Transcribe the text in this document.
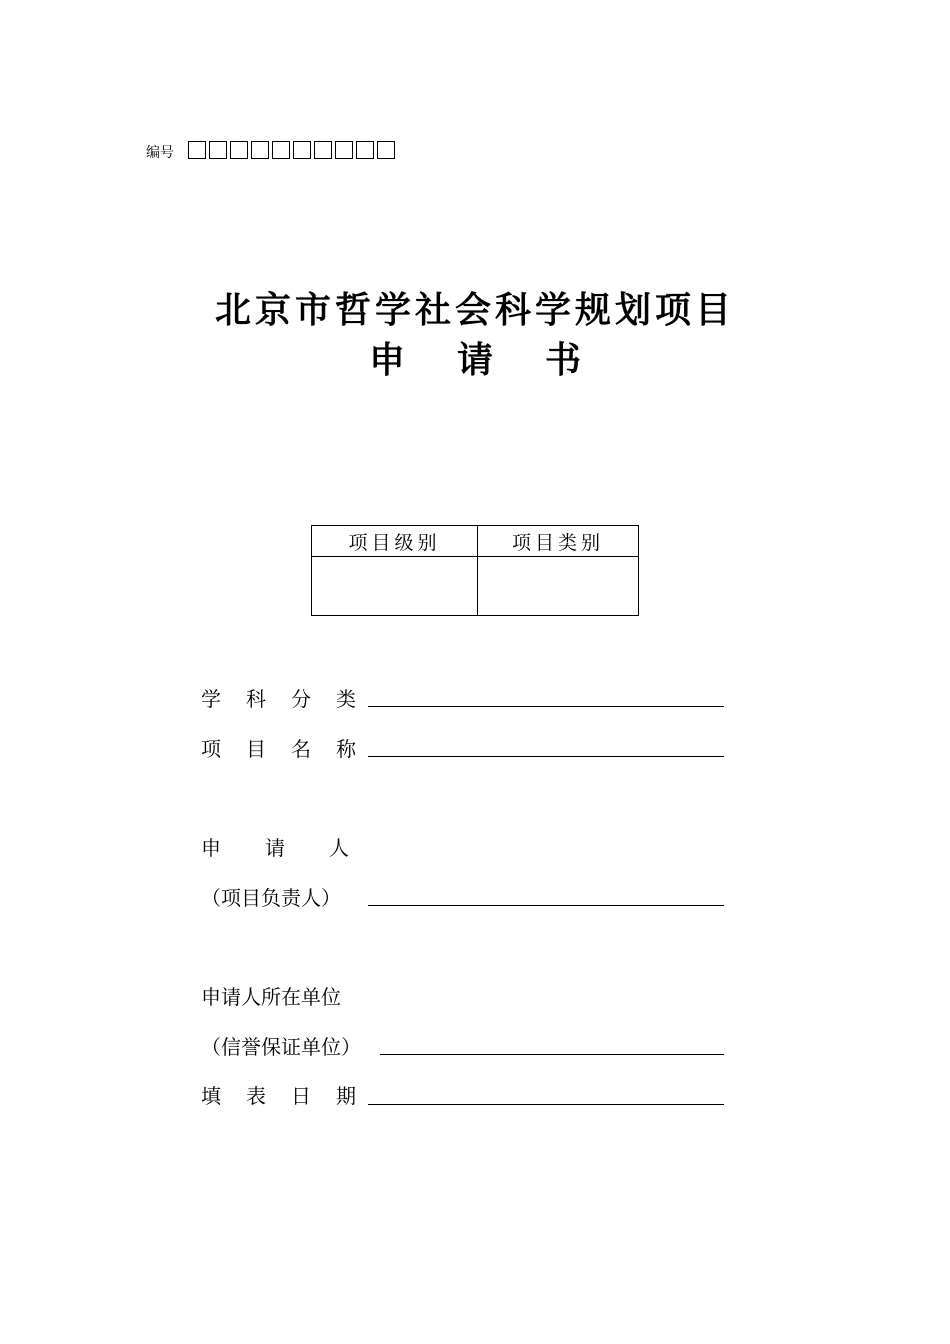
编号
北京市哲学社会科学规划项目
申 请 书
项目级别	项目类别

学科分类
项目名称
申请人
（项目负责人）
申请人所在单位
（信誉保证单位）
填表日期
